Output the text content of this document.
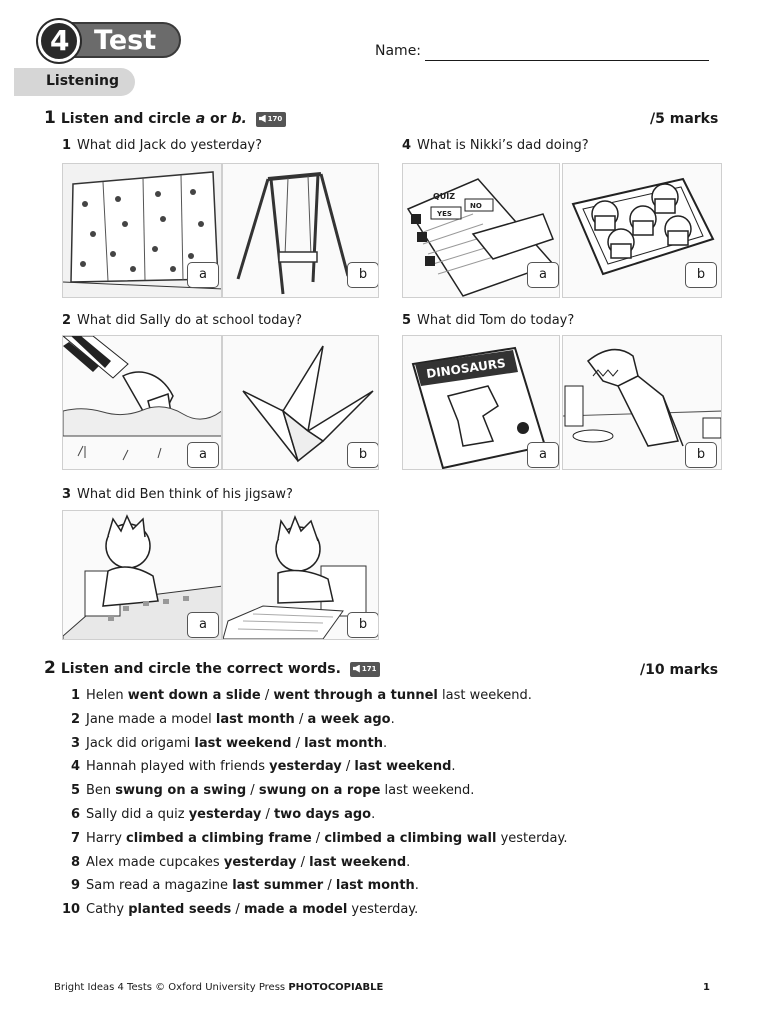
Test
4	Name:
Listening
1 Listen and circle a or b.	170	/5 marks
1 What did Jack do yesterday?
a	b
2 What did Sally do at school today?
a	b
3 What did Ben think of his jigsaw?
a	b
4 What is Nikki’s dad doing?
QUIZ
YES
NO
a	b
5 What did Tom do today?
DINOSAURS
a	b
2 Listen and circle the correct words.	171	/10 marks
1 Helen went down a slide / went through a tunnel last weekend.
2 Jane made a model last month / a week ago.
3 Jack did origami last weekend / last month.
4 Hannah played with friends yesterday / last weekend.
5 Ben swung on a swing / swung on a rope last weekend.
6 Sally did a quiz yesterday / two days ago.
7 Harry climbed a climbing frame / climbed a climbing wall yesterday.
8 Alex made cupcakes yesterday / last weekend.
9 Sam read a magazine last summer / last month.
10 Cathy planted seeds / made a model yesterday.
Bright Ideas 4 Tests © Oxford University Press PHOTOCOPIABLE	1
